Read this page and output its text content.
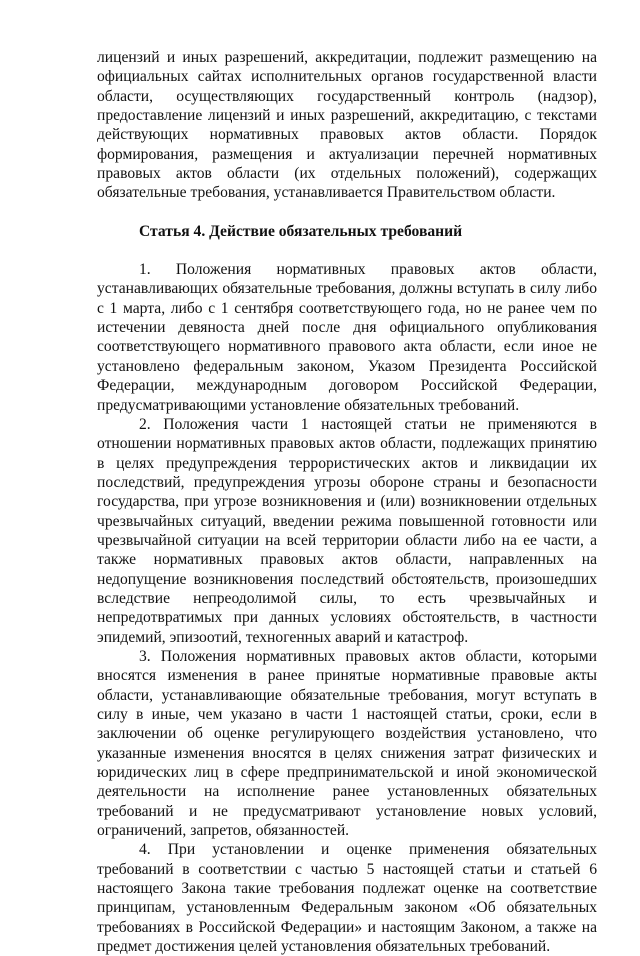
лицензий и иных разрешений, аккредитации, подлежит размещению на официальных сайтах исполнительных органов государственной власти области, осуществляющих государственный контроль (надзор), предоставление лицензий и иных разрешений, аккредитацию, с текстами действующих нормативных правовых актов области. Порядок формирования, размещения и актуализации перечней нормативных правовых актов области (их отдельных положений), содержащих обязательные требования, устанавливается Правительством области.

Статья 4. Действие обязательных требований

1. Положения нормативных правовых актов области, устанавливающих обязательные требования, должны вступать в силу либо с 1 марта, либо с 1 сентября соответствующего года, но не ранее чем по истечении девяноста дней после дня официального опубликования соответствующего нормативного правового акта области, если иное не установлено федеральным законом, Указом Президента Российской Федерации, международным договором Российской Федерации, предусматривающими установление обязательных требований.

2. Положения части 1 настоящей статьи не применяются в отношении нормативных правовых актов области, подлежащих принятию в целях предупреждения террористических актов и ликвидации их последствий, предупреждения угрозы обороне страны и безопасности государства, при угрозе возникновения и (или) возникновении отдельных чрезвычайных ситуаций, введении режима повышенной готовности или чрезвычайной ситуации на всей территории области либо на ее части, а также нормативных правовых актов области, направленных на недопущение возникновения последствий обстоятельств, произошедших вследствие непреодолимой силы, то есть чрезвычайных и непредотвратимых при данных условиях обстоятельств, в частности эпидемий, эпизоотий, техногенных аварий и катастроф.

3. Положения нормативных правовых актов области, которыми вносятся изменения в ранее принятые нормативные правовые акты области, устанавливающие обязательные требования, могут вступать в силу в иные, чем указано в части 1 настоящей статьи, сроки, если в заключении об оценке регулирующего воздействия установлено, что указанные изменения вносятся в целях снижения затрат физических и юридических лиц в сфере предпринимательской и иной экономической деятельности на исполнение ранее установленных обязательных требований и не предусматривают установление новых условий, ограничений, запретов, обязанностей.

4. При установлении и оценке применения обязательных требований в соответствии с частью 5 настоящей статьи и статьей 6 настоящего Закона такие требования подлежат оценке на соответствие принципам, установленным Федеральным законом «Об обязательных требованиях в Российской Федерации» и настоящим Законом, а также на предмет достижения целей установления обязательных требований.
